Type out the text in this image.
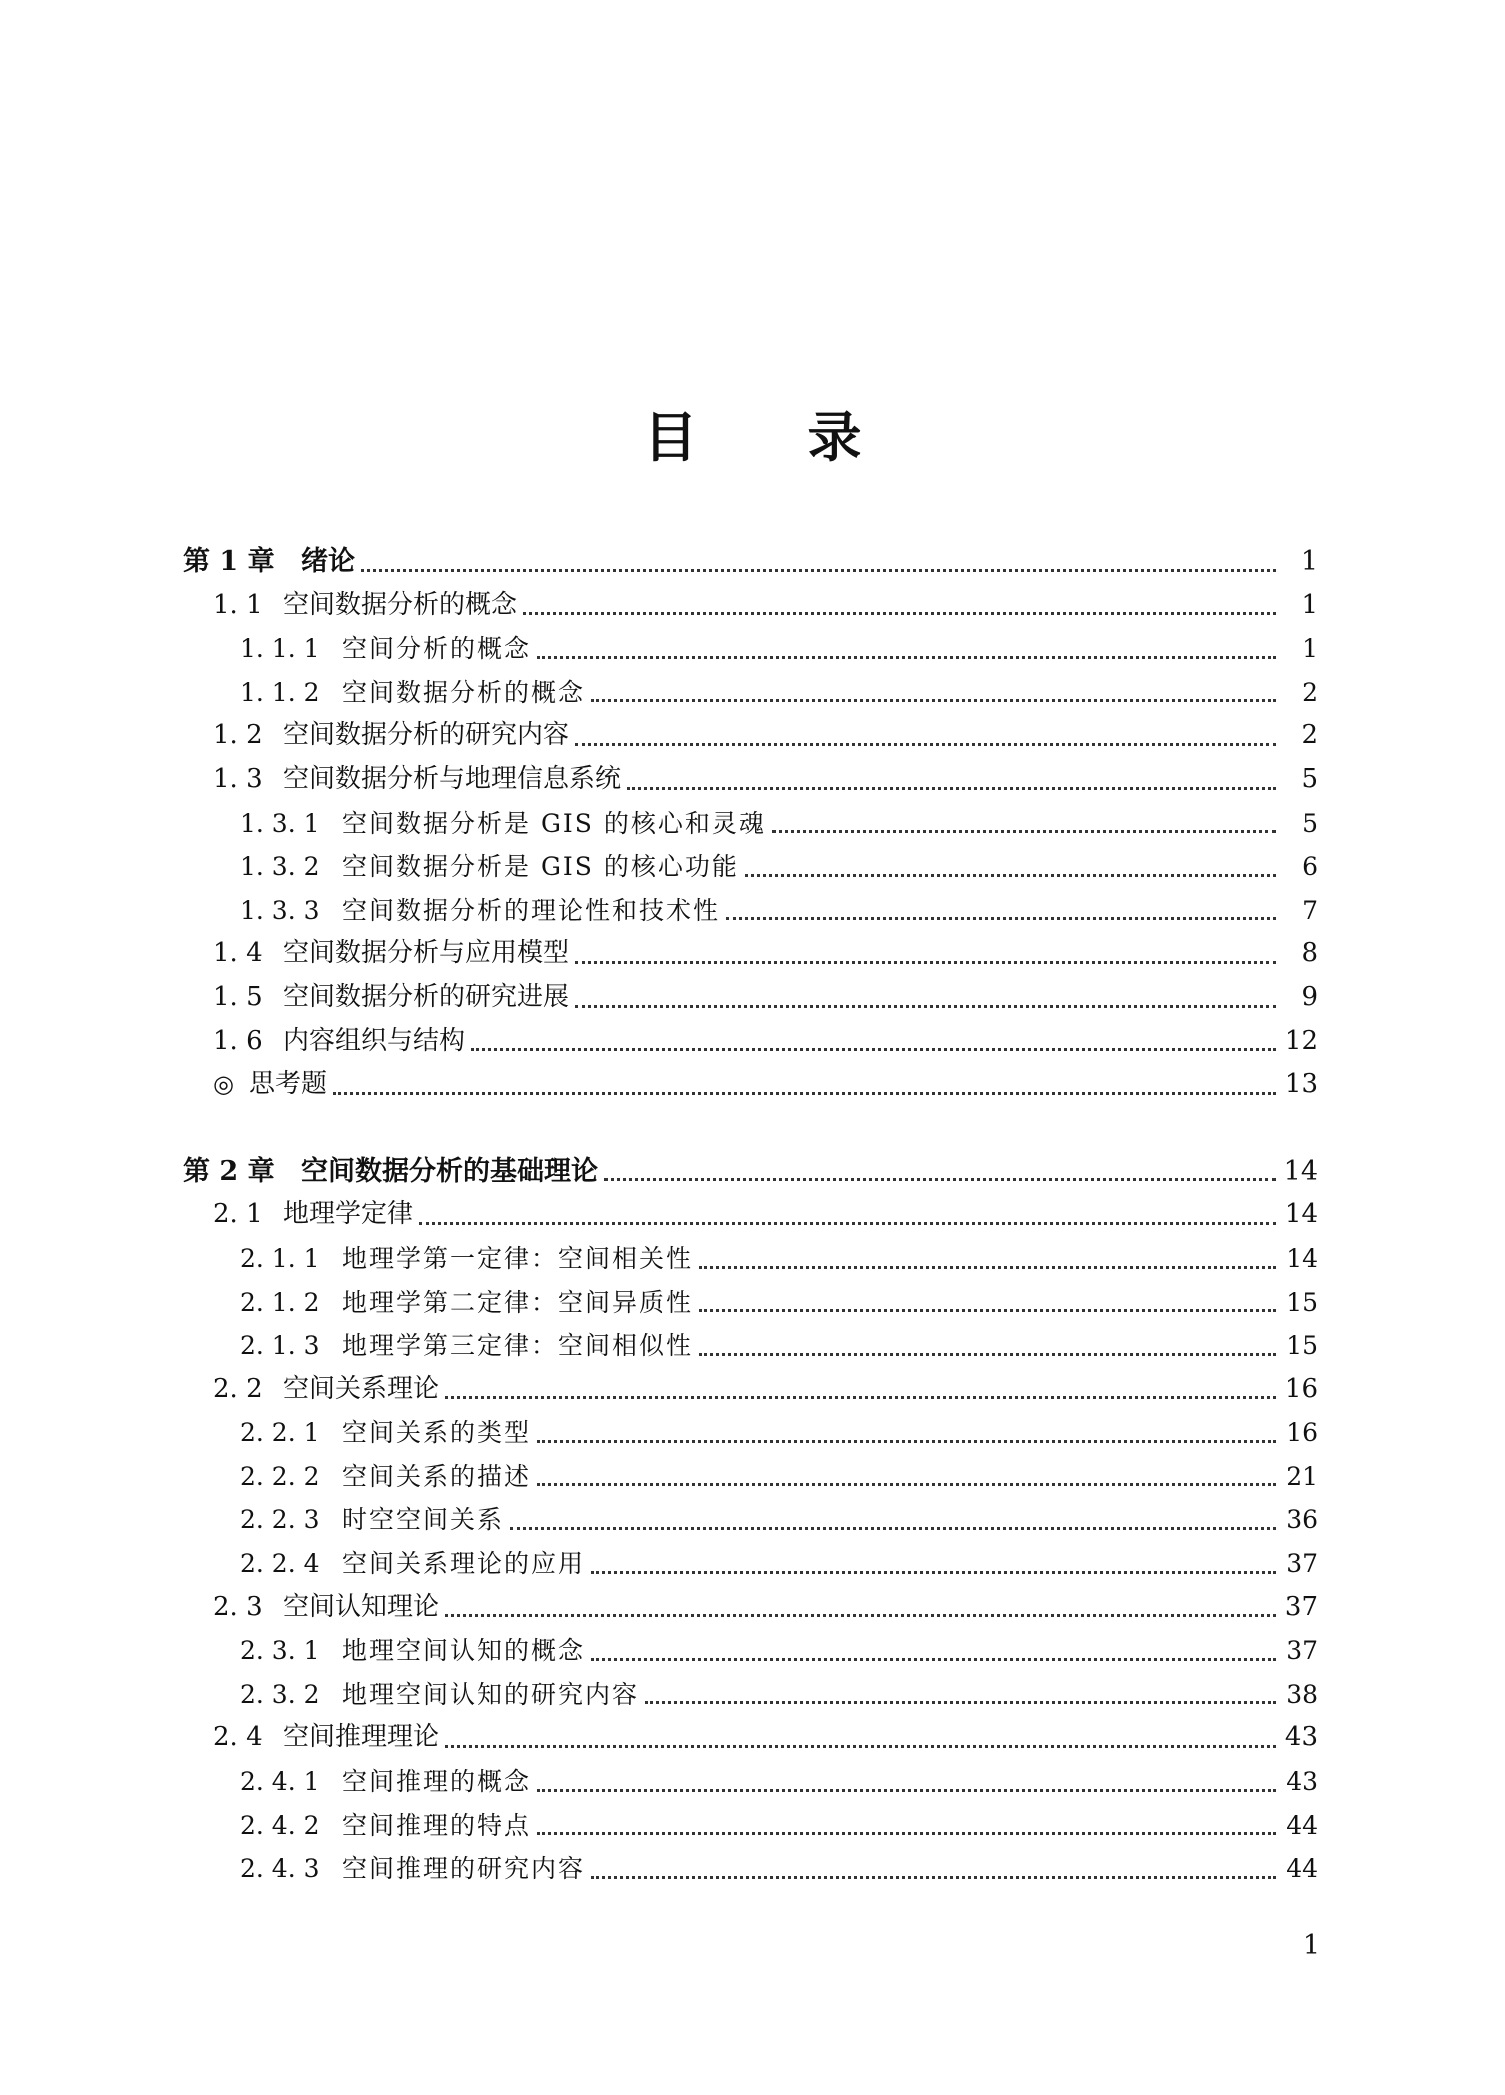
目 录
第 1 章 绪论	1
1. 1 空间数据分析的概念	1
1. 1. 1 空间分析的概念	1
1. 1. 2 空间数据分析的概念	2
1. 2 空间数据分析的研究内容	2
1. 3 空间数据分析与地理信息系统	5
1. 3. 1 空间数据分析是 GIS 的核心和灵魂	5
1. 3. 2 空间数据分析是 GIS 的核心功能	6
1. 3. 3 空间数据分析的理论性和技术性	7
1. 4 空间数据分析与应用模型	8
1. 5 空间数据分析的研究进展	9
1. 6 内容组织与结构	12
◎ 思考题	13
第 2 章 空间数据分析的基础理论	14
2. 1 地理学定律	14
2. 1. 1 地理学第一定律：空间相关性	14
2. 1. 2 地理学第二定律：空间异质性	15
2. 1. 3 地理学第三定律：空间相似性	15
2. 2 空间关系理论	16
2. 2. 1 空间关系的类型	16
2. 2. 2 空间关系的描述	21
2. 2. 3 时空空间关系	36
2. 2. 4 空间关系理论的应用	37
2. 3 空间认知理论	37
2. 3. 1 地理空间认知的概念	37
2. 3. 2 地理空间认知的研究内容	38
2. 4 空间推理理论	43
2. 4. 1 空间推理的概念	43
2. 4. 2 空间推理的特点	44
2. 4. 3 空间推理的研究内容	44
1
